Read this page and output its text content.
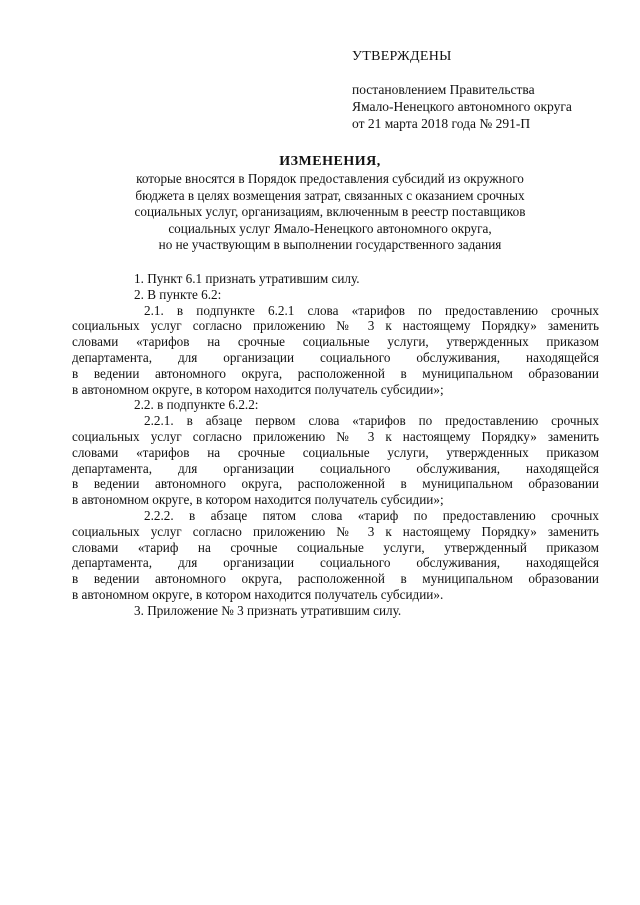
УТВЕРЖДЕНЫ
постановлением Правительства
Ямало-Ненецкого автономного округа
от 21 марта 2018 года № 291-П
ИЗМЕНЕНИЯ,
которые вносятся в Порядок предоставления субсидий из окружного
бюджета в целях возмещения затрат, связанных с оказанием срочных
социальных услуг, организациям, включенным в реестр поставщиков
социальных услуг Ямало-Ненецкого автономного округа,
но не участвующим в выполнении государственного задания
1. Пункт 6.1 признать утратившим силу.
2. В пункте 6.2:
2.1. в подпункте 6.2.1 слова «тарифов по предоставлению срочных
социальных услуг согласно приложению № 3 к настоящему Порядку» заменить
словами «тарифов на срочные социальные услуги, утвержденных приказом
департамента, для организации социального обслуживания, находящейся
в ведении автономного округа, расположенной в муниципальном образовании
в автономном округе, в котором находится получатель субсидии»;
2.2. в подпункте 6.2.2:
2.2.1. в абзаце первом слова «тарифов по предоставлению срочных
социальных услуг согласно приложению № 3 к настоящему Порядку» заменить
словами «тарифов на срочные социальные услуги, утвержденных приказом
департамента, для организации социального обслуживания, находящейся
в ведении автономного округа, расположенной в муниципальном образовании
в автономном округе, в котором находится получатель субсидии»;
2.2.2. в абзаце пятом слова «тариф по предоставлению срочных
социальных услуг согласно приложению № 3 к настоящему Порядку» заменить
словами «тариф на срочные социальные услуги, утвержденный приказом
департамента, для организации социального обслуживания, находящейся
в ведении автономного округа, расположенной в муниципальном образовании
в автономном округе, в котором находится получатель субсидии».
3. Приложение № 3 признать утратившим силу.
